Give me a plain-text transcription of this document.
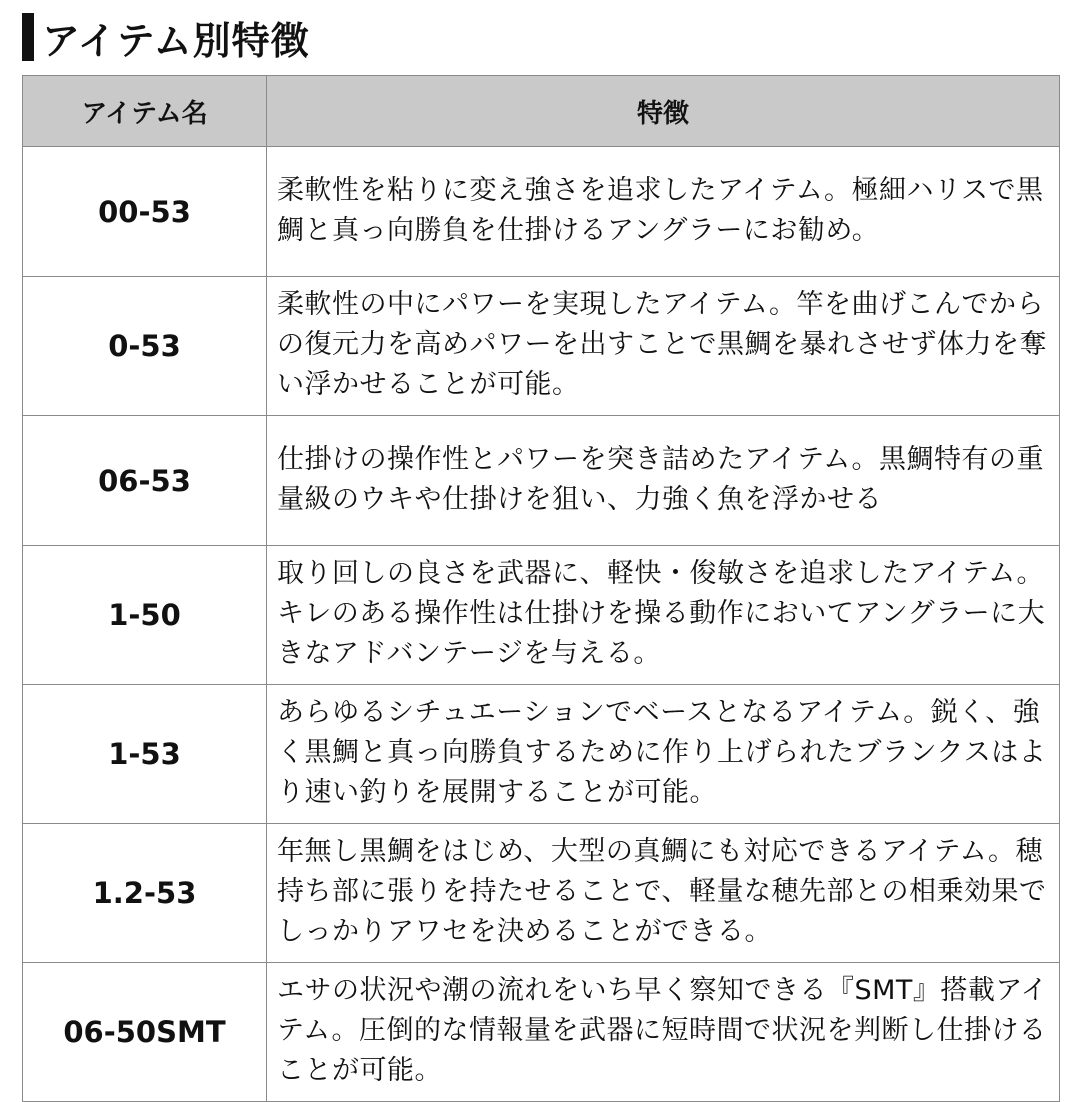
アイテム別特徴
アイテム名	特徴
00-53	柔軟性を粘りに変え強さを追求したアイテム。極細ハリスで黒鯛と真っ向勝負を仕掛けるアングラーにお勧め。
0-53	柔軟性の中にパワーを実現したアイテム。竿を曲げこんでからの復元力を高めパワーを出すことで黒鯛を暴れさせず体力を奪い浮かせることが可能。
06-53	仕掛けの操作性とパワーを突き詰めたアイテム。黒鯛特有の重量級のウキや仕掛けを狙い、力強く魚を浮かせる
1-50	取り回しの良さを武器に、軽快・俊敏さを追求したアイテム。キレのある操作性は仕掛けを操る動作においてアングラーに大きなアドバンテージを与える。
1-53	あらゆるシチュエーションでベースとなるアイテム。鋭く、強く黒鯛と真っ向勝負するために作り上げられたブランクスはより速い釣りを展開することが可能。
1.2-53	年無し黒鯛をはじめ、大型の真鯛にも対応できるアイテム。穂持ち部に張りを持たせることで、軽量な穂先部との相乗効果でしっかりアワセを決めることができる。
06-50SMT	エサの状況や潮の流れをいち早く察知できる『SMT』搭載アイテム。圧倒的な情報量を武器に短時間で状況を判断し仕掛けることが可能。
